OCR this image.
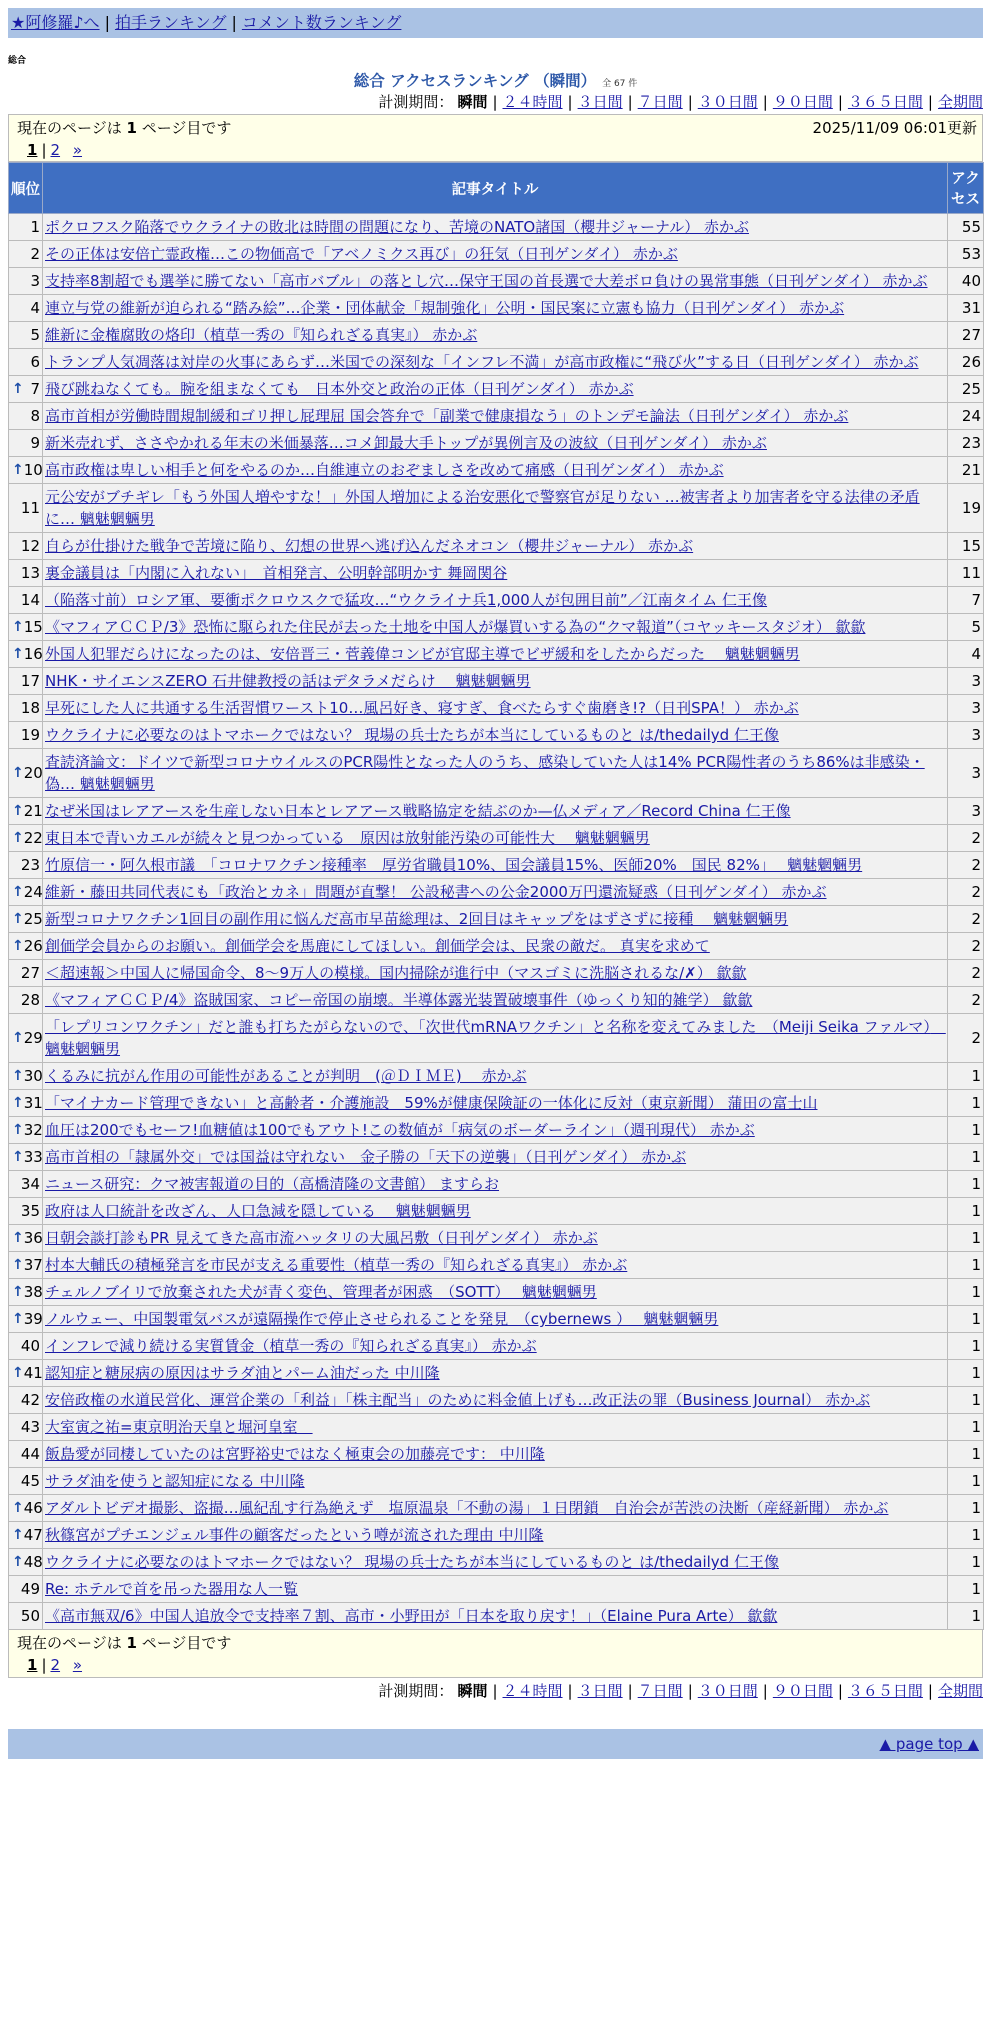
★阿修羅♪へ | 拍手ランキング | コメント数ランキング
総合
総合 アクセスランキング （瞬間） 全 67 件
計測期間： 瞬間 | ２４時間 | ３日間 | ７日間 | ３０日間 | ９０日間 | ３６５日間 | 全期間
現在のページは 1 ページ目です	2025/11/09 06:01更新
1 | 2 »
順位	記事タイトル	アクセス
1	ポクロフスク陥落でウクライナの敗北は時間の問題になり、苦境のNATO諸国（櫻井ジャーナル） 赤かぶ	55
2	その正体は安倍亡霊政権…この物価高で「アベノミクス再び」の狂気（日刊ゲンダイ） 赤かぶ	53
3	支持率8割超でも選挙に勝てない「高市バブル」の落とし穴…保守王国の首長選で大差ボロ負けの異常事態（日刊ゲンダイ） 赤かぶ	40
4	連立与党の維新が迫られる“踏み絵”…企業・団体献金「規制強化」公明・国民案に立憲も協力（日刊ゲンダイ） 赤かぶ	31
5	維新に金権腐敗の烙印（植草一秀の『知られざる真実』） 赤かぶ	27
6	トランプ人気凋落は対岸の火事にあらず…米国での深刻な「インフレ不満」が高市政権に“飛び火”する日（日刊ゲンダイ） 赤かぶ	26

↑ 7	飛び跳ねなくても。腕を組まなくても　日本外交と政治の正体（日刊ゲンダイ） 赤かぶ	25
8	高市首相が労働時間規制緩和ゴリ押し屁理屈 国会答弁で「副業で健康損なう」のトンデモ論法（日刊ゲンダイ） 赤かぶ	24
9	新米売れず、ささやかれる年末の米価暴落…コメ卸最大手トップが異例言及の波紋（日刊ゲンダイ） 赤かぶ	23

↑ 10	高市政権は卑しい相手と何をやるのか…自維連立のおぞましさを改めて痛感（日刊ゲンダイ） 赤かぶ	21
11	元公安がブチギレ「もう外国人増やすな！」外国人増加による治安悪化で警察官が足りない …被害者より加害者を守る法律の矛盾に… 魑魅魍魎男	19
12	自らが仕掛けた戦争で苦境に陥り、幻想の世界へ逃げ込んだネオコン（櫻井ジャーナル） 赤かぶ	15
13	裏金議員は「内閣に入れない」　首相発言、公明幹部明かす 舞岡関谷	11
14	（陥落寸前）ロシア軍、要衝ポクロウスクで猛攻…“ウクライナ兵1,000人が包囲目前”／江南タイム 仁王像	7

↑ 15	《マフィアＣＣＰ/3》恐怖に駆られた住民が去った土地を中国人が爆買いする為の“クマ報道”（コヤッキースタジオ） 歙歙	5

↑ 16	外国人犯罪だらけになったのは、安倍晋三・菅義偉コンビが官邸主導でビザ緩和をしたからだった　 魑魅魍魎男	4
17	NHK・サイエンスZERO 石井健教授の話はデタラメだらけ　 魑魅魍魎男	3
18	早死にした人に共通する生活習慣ワースト10…風呂好き、寝すぎ、食べたらすぐ歯磨き!?（日刊SPA！） 赤かぶ	3
19	ウクライナに必要なのはトマホークではない？ 現場の兵士たちが本当にしているものと は/thedailyd 仁王像	3

↑ 20	査読済論文：ドイツで新型コロナウイルスのPCR陽性となった人のうち、感染していた人は14% PCR陽性者のうち86%は非感染・偽… 魑魅魍魎男	3

↑ 21	なぜ米国はレアアースを生産しない日本とレアアース戦略協定を結ぶのか—仏メディア／Record China 仁王像	3

↑ 22	東日本で青いカエルが続々と見つかっている　原因は放射能汚染の可能性大　 魑魅魍魎男	2
23	竹原信一・阿久根市議　「コロナワクチン接種率　厚労省職員10%、国会議員15%、医師20%　国民 82%」　 魑魅魍魎男	2

↑ 24	維新・藤田共同代表にも「政治とカネ」問題が直撃！ 公設秘書への公金2000万円還流疑惑（日刊ゲンダイ） 赤かぶ	2

↑ 25	新型コロナワクチン1回目の副作用に悩んだ高市早苗総理は、2回目はキャップをはずさずに接種　 魑魅魍魎男	2

↑ 26	創価学会員からのお願い。創価学会を馬鹿にしてほしい。創価学会は、民衆の敵だ。 真実を求めて	2
27	＜超速報＞中国人に帰国命令、8～9万人の模様。国内掃除が進行中（マスゴミに洗脳されるな/✗） 歙歙	2
28	《マフィアＣＣＰ/4》盗賊国家、コピー帝国の崩壊。半導体露光装置破壊事件（ゆっくり知的雑学） 歙歙	2

↑ 29	「レプリコンワクチン」だと誰も打ちたがらないので、「次世代mRNAワクチン」と名称を変えてみました　（Meiji Seika ファルマ）　魑魅魍魎男	2

↑ 30	くるみに抗がん作用の可能性があることが判明　(＠ＤＩＭＥ)　 赤かぶ	1

↑ 31	「マイナカード管理できない」と高齢者・介護施設　59%が健康保険証の一体化に反対（東京新聞） 蒲田の富士山	1

↑ 32	血圧は200でもセーフ!血糖値は100でもアウト!この数値が「病気のボーダーライン」（週刊現代） 赤かぶ	1

↑ 33	高市首相の「隷属外交」では国益は守れない　金子勝の「天下の逆襲」（日刊ゲンダイ） 赤かぶ	1
34	ニュース研究：クマ被害報道の目的（高橋清隆の文書館） ますらお	1
35	政府は人口統計を改ざん、人口急減を隠している　 魑魅魍魎男	1

↑ 36	日朝会談打診もPR 見えてきた高市流ハッタリの大風呂敷（日刊ゲンダイ） 赤かぶ	1

↑ 37	村本大輔氏の積極発言を市民が支える重要性（植草一秀の『知られざる真実』） 赤かぶ	1

↑ 38	チェルノブイリで放棄された犬が青く変色、管理者が困惑　（SOTT）　 魑魅魍魎男	1

↑ 39	ノルウェー、中国製電気バスが遠隔操作で停止させられることを発見　（cybernews ）　 魑魅魍魎男	1
40	インフレで減り続ける実質賃金（植草一秀の『知られざる真実』） 赤かぶ	1

↑ 41	認知症と糖尿病の原因はサラダ油とパーム油だった 中川隆	1
42	安倍政権の水道民営化、運営企業の「利益」「株主配当」のために料金値上げも…改正法の罪（Business Journal） 赤かぶ	1
43	大室寅之祐=東京明治天皇と堀河皇室　	1
44	飯島愛が同棲していたのは宮野裕史ではなく極東会の加藤亮です： 中川隆	1
45	サラダ油を使うと認知症になる 中川隆	1

↑ 46	アダルトビデオ撮影、盗撮…風紀乱す行為絶えず　塩原温泉「不動の湯」１日閉鎖　自治会が苦渋の決断（産経新聞） 赤かぶ	1

↑ 47	秋篠宮がプチエンジェル事件の顧客だったという噂が流された理由 中川隆	1

↑ 48	ウクライナに必要なのはトマホークではない？ 現場の兵士たちが本当にしているものと は/thedailyd 仁王像	1
49	Re: ホテルで首を吊った器用な人一覧	1
50	《高市無双/6》中国人追放令で支持率７割、高市・小野田が「日本を取り戻す！」（Elaine Pura Arte） 歙歙	1
現在のページは 1 ページ目です
1 | 2 »
計測期間： 瞬間 | ２４時間 | ３日間 | ７日間 | ３０日間 | ９０日間 | ３６５日間 | 全期間
▲ page top ▲
